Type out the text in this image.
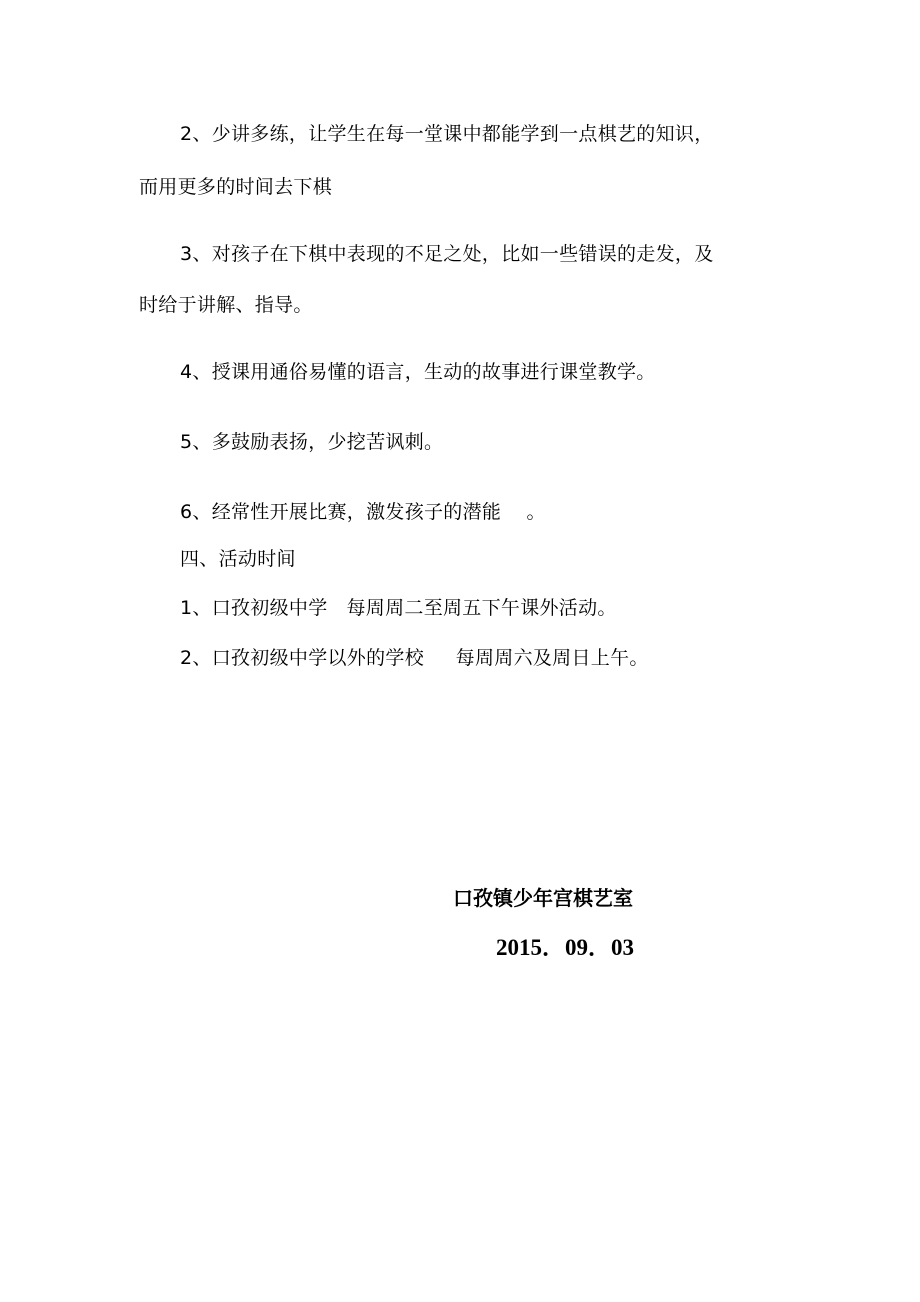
2、少讲多练，让学生在每一堂课中都能学到一点棋艺的知识，
而用更多的时间去下棋
3、对孩子在下棋中表现的不足之处，比如一些错误的走发，及
时给于讲解、指导。
4、授课用通俗易懂的语言，生动的故事进行课堂教学。
5、多鼓励表扬，少挖苦讽刺。
6、经常性开展比赛，激发孩子的潜能    。
四、活动时间
1、口孜初级中学   每周周二至周五下午课外活动。
2、口孜初级中学以外的学校     每周周六及周日上午。
口孜镇少年宫棋艺室
2015．09．03
